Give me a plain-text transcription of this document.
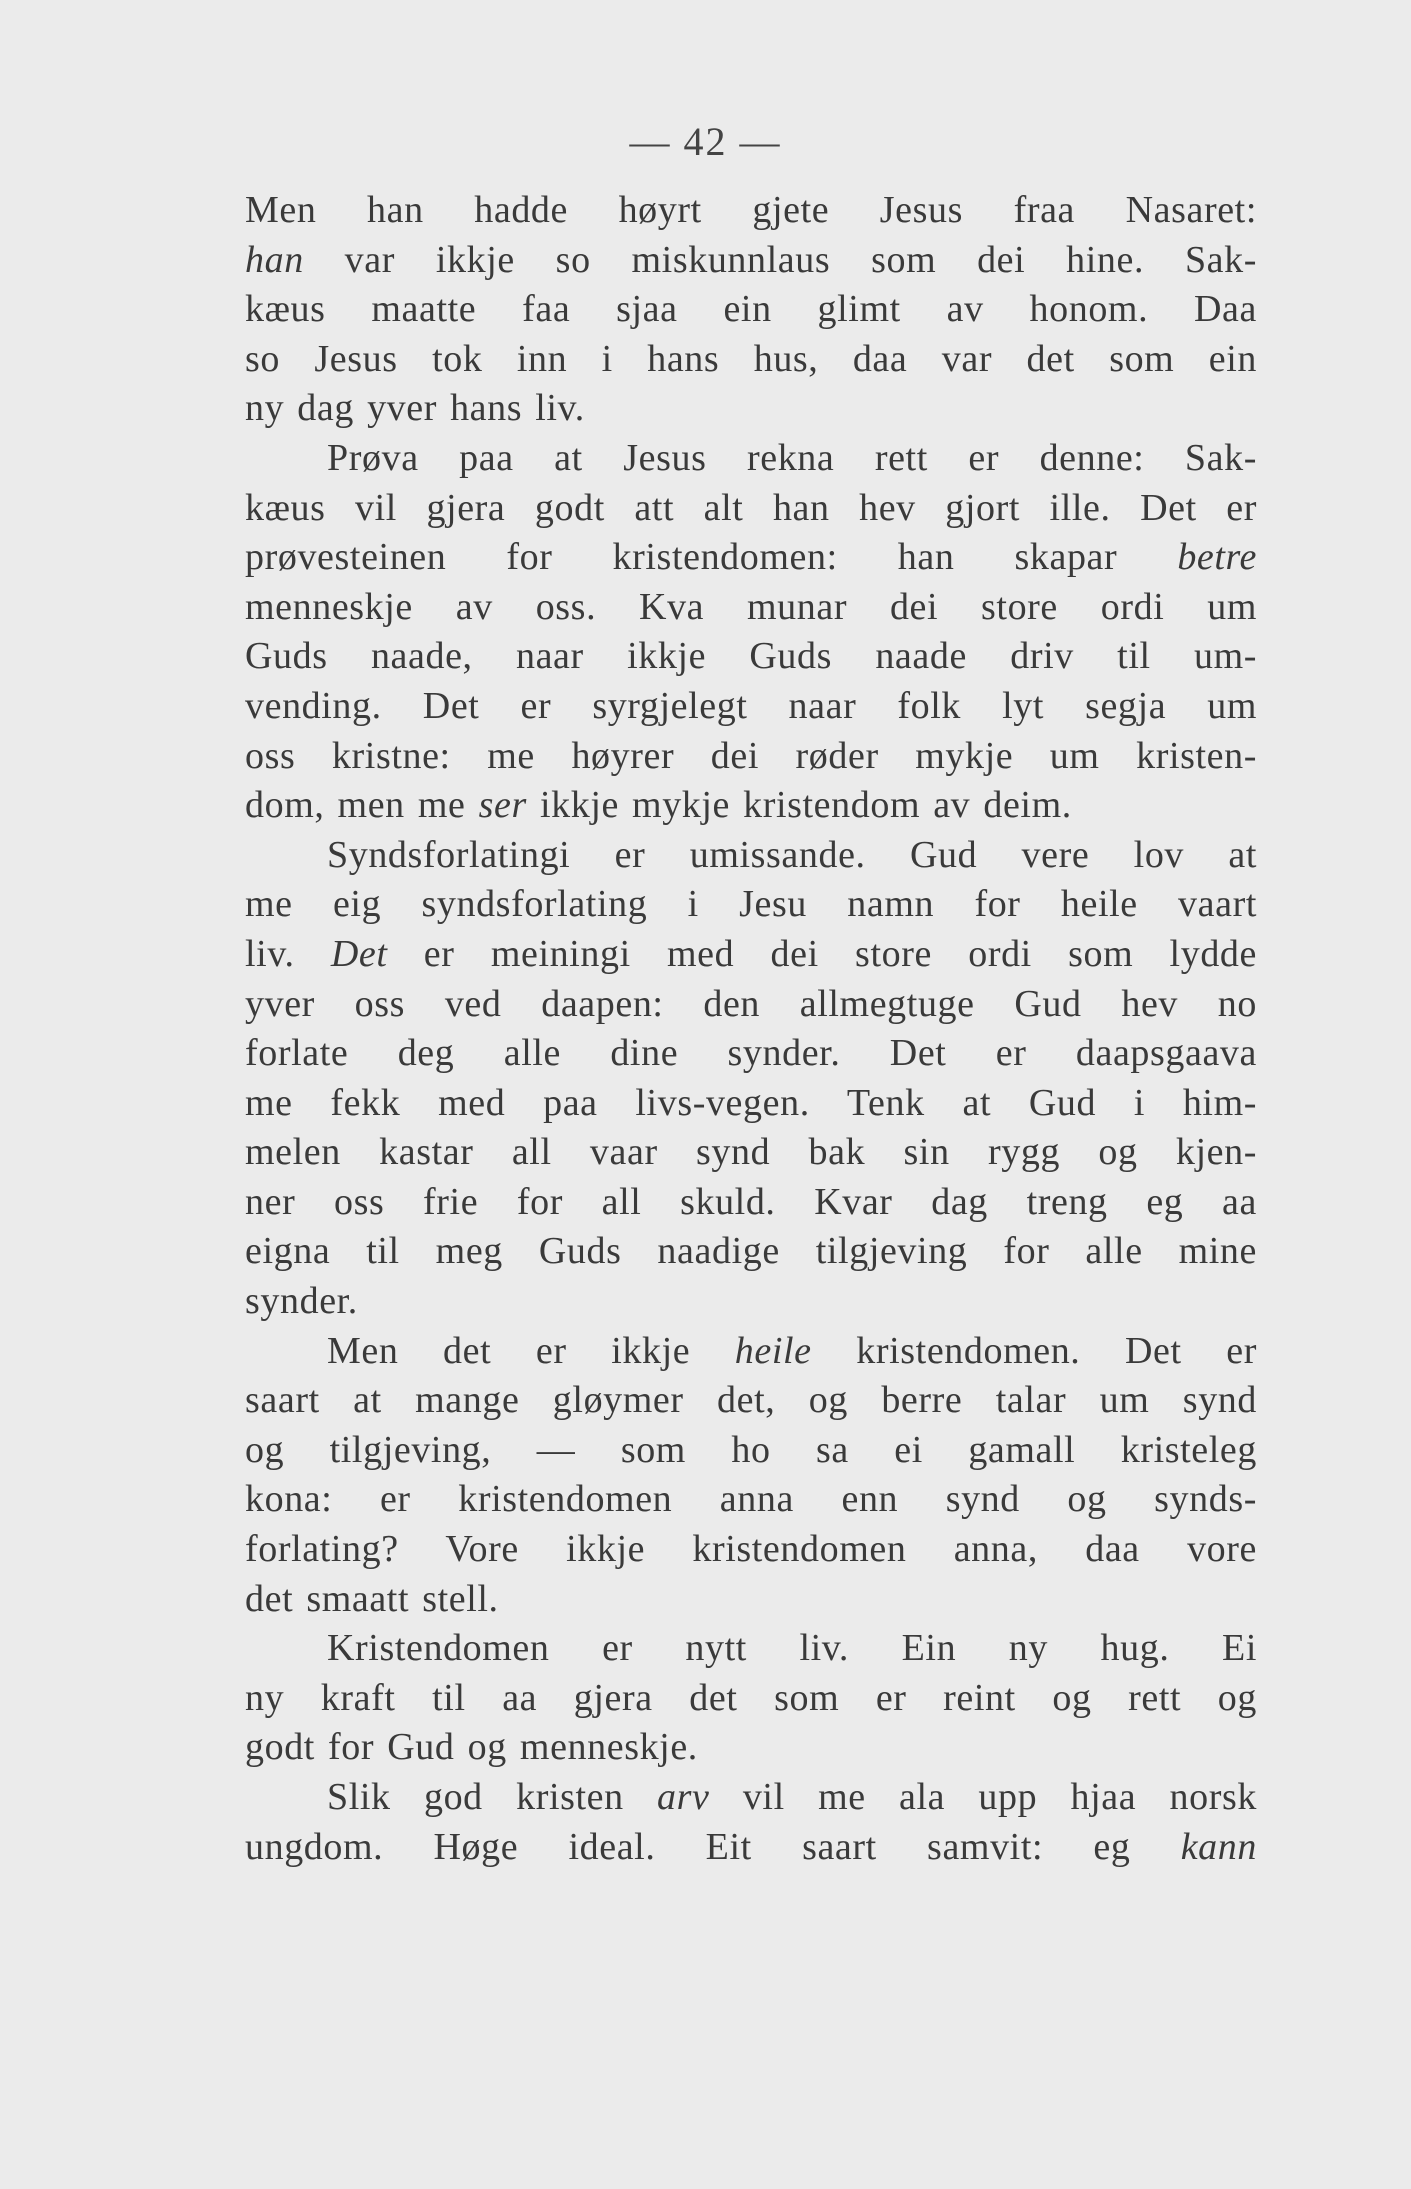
— 42 —
Men han hadde høyrt gjete Jesus fraa Nasaret:
han var ikkje so miskunnlaus som dei hine. Sak-
kæus maatte faa sjaa ein glimt av honom. Daa
so Jesus tok inn i hans hus, daa var det som ein
ny dag yver hans liv.
Prøva paa at Jesus rekna rett er denne: Sak-
kæus vil gjera godt att alt han hev gjort ille. Det er
prøvesteinen for kristendomen: han skapar betre
menneskje av oss. Kva munar dei store ordi um
Guds naade, naar ikkje Guds naade driv til um-
vending. Det er syrgjelegt naar folk lyt segja um
oss kristne: me høyrer dei røder mykje um kristen-
dom, men me ser ikkje mykje kristendom av deim.
Syndsforlatingi er umissande. Gud vere lov at
me eig syndsforlating i Jesu namn for heile vaart
liv. Det er meiningi med dei store ordi som lydde
yver oss ved daapen: den allmegtuge Gud hev no
forlate deg alle dine synder. Det er daapsgaava
me fekk med paa livs-vegen. Tenk at Gud i him-
melen kastar all vaar synd bak sin rygg og kjen-
ner oss frie for all skuld. Kvar dag treng eg aa
eigna til meg Guds naadige tilgjeving for alle mine
synder.
Men det er ikkje heile kristendomen. Det er
saart at mange gløymer det, og berre talar um synd
og tilgjeving, — som ho sa ei gamall kristeleg
kona: er kristendomen anna enn synd og synds-
forlating? Vore ikkje kristendomen anna, daa vore
det smaatt stell.
Kristendomen er nytt liv. Ein ny hug. Ei
ny kraft til aa gjera det som er reint og rett og
godt for Gud og menneskje.
Slik god kristen arv vil me ala upp hjaa norsk
ungdom. Høge ideal. Eit saart samvit: eg kann
